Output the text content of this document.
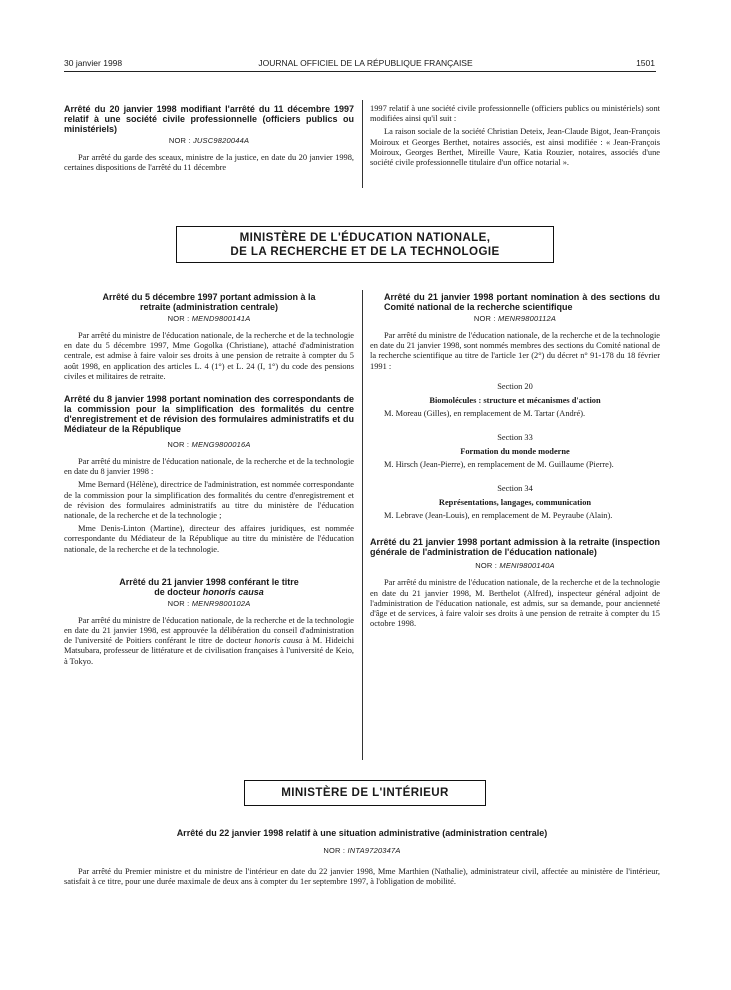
30 janvier 1998	JOURNAL OFFICIEL DE LA RÉPUBLIQUE FRANÇAISE	1501

Arrêté du 20 janvier 1998 modifiant l'arrêté du 11 décembre 1997 relatif à une société civile professionnelle (officiers publics ou ministériels)

NOR : JUSC9820044A

Par arrêté du garde des sceaux, ministre de la justice, en date du 20 janvier 1998, certaines dispositions de l'arrêté du 11 décembre

1997 relatif à une société civile professionnelle (officiers publics ou ministériels) sont modifiées ainsi qu'il suit :

La raison sociale de la société Christian Deteix, Jean-Claude Bigot, Jean-François Moiroux et Georges Berthet, notaires associés, est ainsi modifiée : « Jean-François Moiroux, Georges Berthet, Mireille Vaure, Katia Rouzier, notaires, associés d'une société civile professionnelle titulaire d'un office notarial ».

MINISTÈRE DE L'ÉDUCATION NATIONALE,
DE LA RECHERCHE ET DE LA TECHNOLOGIE

Arrêté du 5 décembre 1997 portant admission à la retraite (administration centrale)

NOR : MEND9800141A

Par arrêté du ministre de l'éducation nationale, de la recherche et de la technologie en date du 5 décembre 1997, Mme Gogolka (Christiane), attaché d'administration centrale, est admise à faire valoir ses droits à une pension de retraite à compter du 5 août 1998, en application des articles L. 4 (1°) et L. 24 (I, 1°) du code des pensions civiles et militaires de retraite.

Arrêté du 8 janvier 1998 portant nomination des correspondants de la commission pour la simplification des formalités du centre d'enregistrement et de révision des formulaires administratifs et du Médiateur de la République

NOR : MENG9800016A

Par arrêté du ministre de l'éducation nationale, de la recherche et de la technologie en date du 8 janvier 1998 :

Mme Bernard (Hélène), directrice de l'administration, est nommée correspondante de la commission pour la simplification des formalités du centre d'enregistrement et de révision des formulaires administratifs au titre du ministère de l'éducation nationale, de la recherche et de la technologie ;

Mme Denis-Linton (Martine), directeur des affaires juridiques, est nommée correspondante du Médiateur de la République au titre du ministère de l'éducation nationale, de la recherche et de la technologie.

Arrêté du 21 janvier 1998 conférant le titre
de docteur honoris causa

NOR : MENR9800102A

Par arrêté du ministre de l'éducation nationale, de la recherche et de la technologie en date du 21 janvier 1998, est approuvée la délibération du conseil d'administration de l'université de Poitiers conférant le titre de docteur honoris causa à M. Hideichi Matsubara, professeur de littérature et de civilisation françaises à l'université de Keio, à Tokyo.

Arrêté du 21 janvier 1998 portant nomination à des sections du Comité national de la recherche scientifique

NOR : MENR9800112A

Par arrêté du ministre de l'éducation nationale, de la recherche et de la technologie en date du 21 janvier 1998, sont nommés membres des sections du Comité national de la recherche scientifique au titre de l'article 1er (2°) du décret n° 91-178 du 18 février 1991 :

Section 20

Biomolécules : structure et mécanismes d'action

M. Moreau (Gilles), en remplacement de M. Tartar (André).

Section 33

Formation du monde moderne

M. Hirsch (Jean-Pierre), en remplacement de M. Guillaume (Pierre).

Section 34

Représentations, langages, communication

M. Lebrave (Jean-Louis), en remplacement de M. Peyraube (Alain).

Arrêté du 21 janvier 1998 portant admission à la retraite (inspection générale de l'administration de l'éducation nationale)

NOR : MENI9800140A

Par arrêté du ministre de l'éducation nationale, de la recherche et de la technologie en date du 21 janvier 1998, M. Berthelot (Alfred), inspecteur général adjoint de l'administration de l'éducation nationale, est admis, sur sa demande, pour ancienneté d'âge et de services, à faire valoir ses droits à une pension de retraite à compter du 15 octobre 1998.

MINISTÈRE DE L'INTÉRIEUR

Arrêté du 22 janvier 1998 relatif à une situation administrative (administration centrale)

NOR : INTA9720347A

Par arrêté du Premier ministre et du ministre de l'intérieur en date du 22 janvier 1998, Mme Marthien (Nathalie), administrateur civil, affectée au ministère de l'intérieur, satisfait à ce titre, pour une durée maximale de deux ans à compter du 1er septembre 1997, à l'obligation de mobilité.
